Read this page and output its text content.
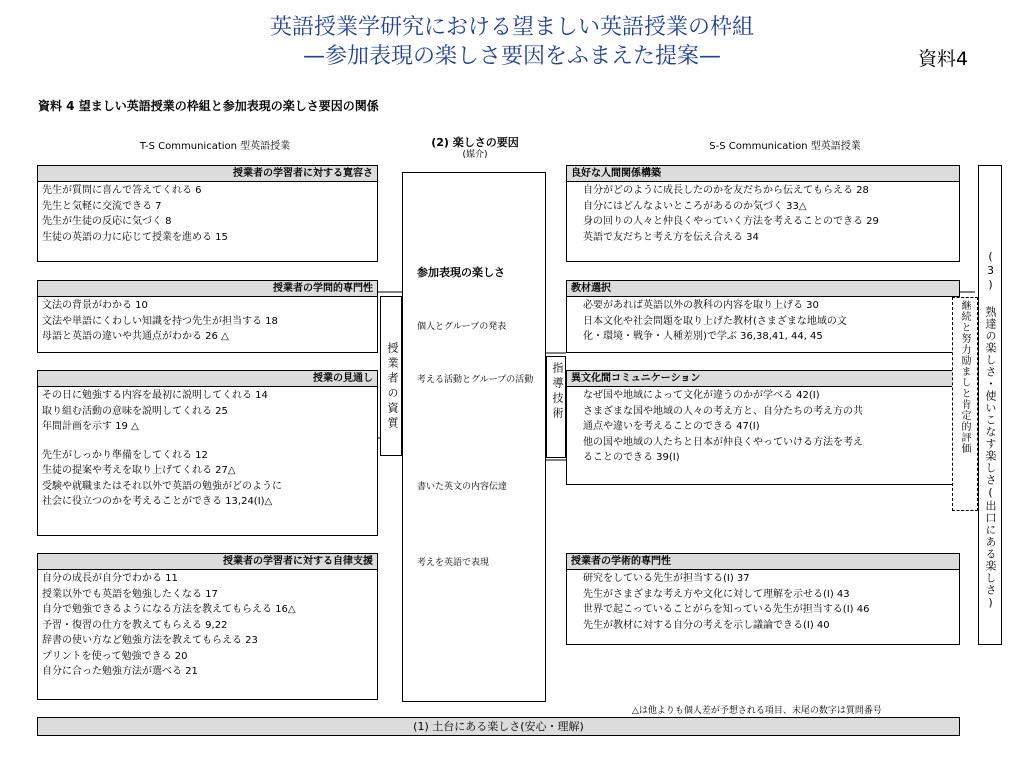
英語授業学研究における望ましい英語授業の枠組
—参加表現の楽しさ要因をふまえた提案—	資料4
資料 4 望ましい英語授業の枠組と参加表現の楽しさ要因の関係
T-S Communication 型英語授業	(2) 楽しさの要因
(媒介)
S-S Communication 型英語授業
授業者の学習者に対する寛容さ
先生が質問に喜んで答えてくれる 6
先生と気軽に交流できる 7
先生が生徒の反応に気づく 8
生徒の英語の力に応じて授業を進める 15
授業者の学問的専門性
文法の背景がわかる 10
文法や単語にくわしい知識を持つ先生が担当する 18
母語と英語の違いや共通点がわかる 26 △
授業の見通し
その日に勉強する内容を最初に説明してくれる 14
取り組む活動の意味を説明してくれる 25
年間計画を示す 19 △
先生がしっかり準備をしてくれる 12
生徒の提案や考えを取り上げてくれる 27△
受験や就職またはそれ以外で英語の勉強がどのように
社会に役立つのかを考えることができる 13,24(I)△
授業者の学習者に対する自律支援
自分の成長が自分でわかる 11
授業以外でも英語を勉強したくなる 17
自分で勉強できるようになる方法を教えてもらえる 16△
予習・復習の仕方を教えてもらえる 9,22
辞書の使い方など勉強方法を教えてもらえる 23
プリントを使って勉強できる 20
自分に合った勉強方法が選べる 21
授業者の資質
参加表現の楽しさ
個人とグループの発表
考える活動とグループの活動
書いた英文の内容伝達
考えを英語で表現
指導技術
良好な人間関係構築
自分がどのように成長したのかを友だちから伝えてもらえる 28
自分にはどんなよいところがあるのか気づく 33△
身の回りの人々と仲良くやっていく方法を考えることのできる 29
英語で友だちと考え方を伝え合える 34
教材選択
必要があれば英語以外の教科の内容を取り上げる 30
日本文化や社会問題を取り上げた教材(さまざまな地域の文
化・環境・戦争・人種差別)で学ぶ 36,38,41, 44, 45
異文化間コミュニケーション
なぜ国や地域によって文化が違うのかが学べる 42(I)
さまざまな国や地域の人々の考え方と、自分たちの考え方の共
通点や違いを考えることのできる 47(I)
他の国や地域の人たちと日本が仲良くやっていける方法を考え
ることのできる 39(I)
授業者の学術的専門性
研究をしている先生が担当する(I) 37
先生がさまざまな考え方や文化に対して理解を示せる(I) 43
世界で起こっていることがらを知っている先生が担当する(I) 46
先生が教材に対する自分の考えを示し議論できる(I) 40
継続と努力励ましと肯定的評価 (3) 熟達の楽しさ・使いこなす楽しさ(出口にある楽しさ)
△は他よりも個人差が予想される項目、末尾の数字は質問番号
(1) 土台にある楽しさ(安心・理解)
